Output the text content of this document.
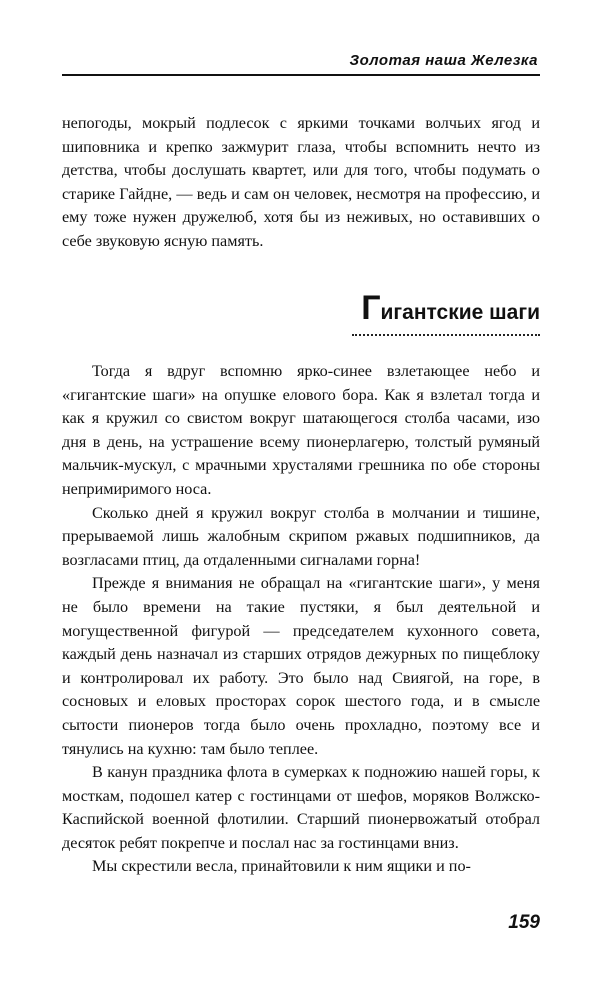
Золотая наша Железка

непогоды, мокрый подлесок с яркими точками волчьих ягод и шиповника и крепко зажмурит глаза, чтобы вспомнить нечто из детства, чтобы дослушать квартет, или для того, чтобы подумать о старике Гайдне, — ведь и сам он человек, несмотря на профессию, и ему тоже нужен дружелюб, хотя бы из неживых, но оставивших о себе звуковую ясную память.

Гигантские шаги

Тогда я вдруг вспомню ярко-синее взлетающее небо и «гигантские шаги» на опушке елового бора. Как я взлетал тогда и как я кружил со свистом вокруг шатающегося столба часами, изо дня в день, на устрашение всему пионерлагерю, толстый румяный мальчик-мускул, с мрачными хрусталями грешника по обе стороны непримиримого носа.

Сколько дней я кружил вокруг столба в молчании и тишине, прерываемой лишь жалобным скрипом ржавых подшипников, да возгласами птиц, да отдаленными сигналами горна!

Прежде я внимания не обращал на «гигантские шаги», у меня не было времени на такие пустяки, я был деятельной и могущественной фигурой — председателем кухонного совета, каждый день назначал из старших отрядов дежурных по пищеблоку и контролировал их работу. Это было над Свиягой, на горе, в сосновых и еловых просторах сорок шестого года, и в смысле сытости пионеров тогда было очень прохладно, поэтому все и тянулись на кухню: там было теплее.

В канун праздника флота в сумерках к подножию нашей горы, к мосткам, подошел катер с гостинцами от шефов, моряков Волжско-Каспийской военной флотилии. Старший пионервожатый отобрал десяток ребят покрепче и послал нас за гостинцами вниз.

Мы скрестили весла, принайтовили к ним ящики и по-

159
